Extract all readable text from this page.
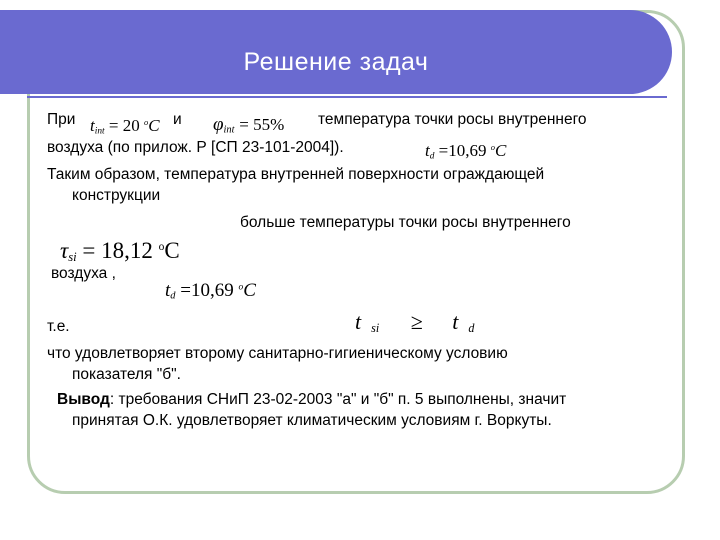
Решение задач
При $t_{int} = 20$ $^o$C и $\varphi_{int} = 55\%$ температура точки росы внутреннего
воздуха (по прилож. Р [СП 23-101-2004]).	$t_d =10,69$ $^o$C
Таким образом, температура внутренней поверхности ограждающей
конструкции
больше температуры точки росы внутреннего
$\tau_{si} = 18,12$ $^o$C
воздуха ,
$t_d =10,69$ $^o$C
т.е.	t $_{si}$ ≥ t $_d$
что удовлетворяет второму санитарно-гигиеническому условию
показателя "б".
Вывод: требования СНиП 23-02-2003 "а" и "б" п. 5 выполнены, значит
принятая О.К. удовлетворяет климатическим условиям г. Воркуты.
